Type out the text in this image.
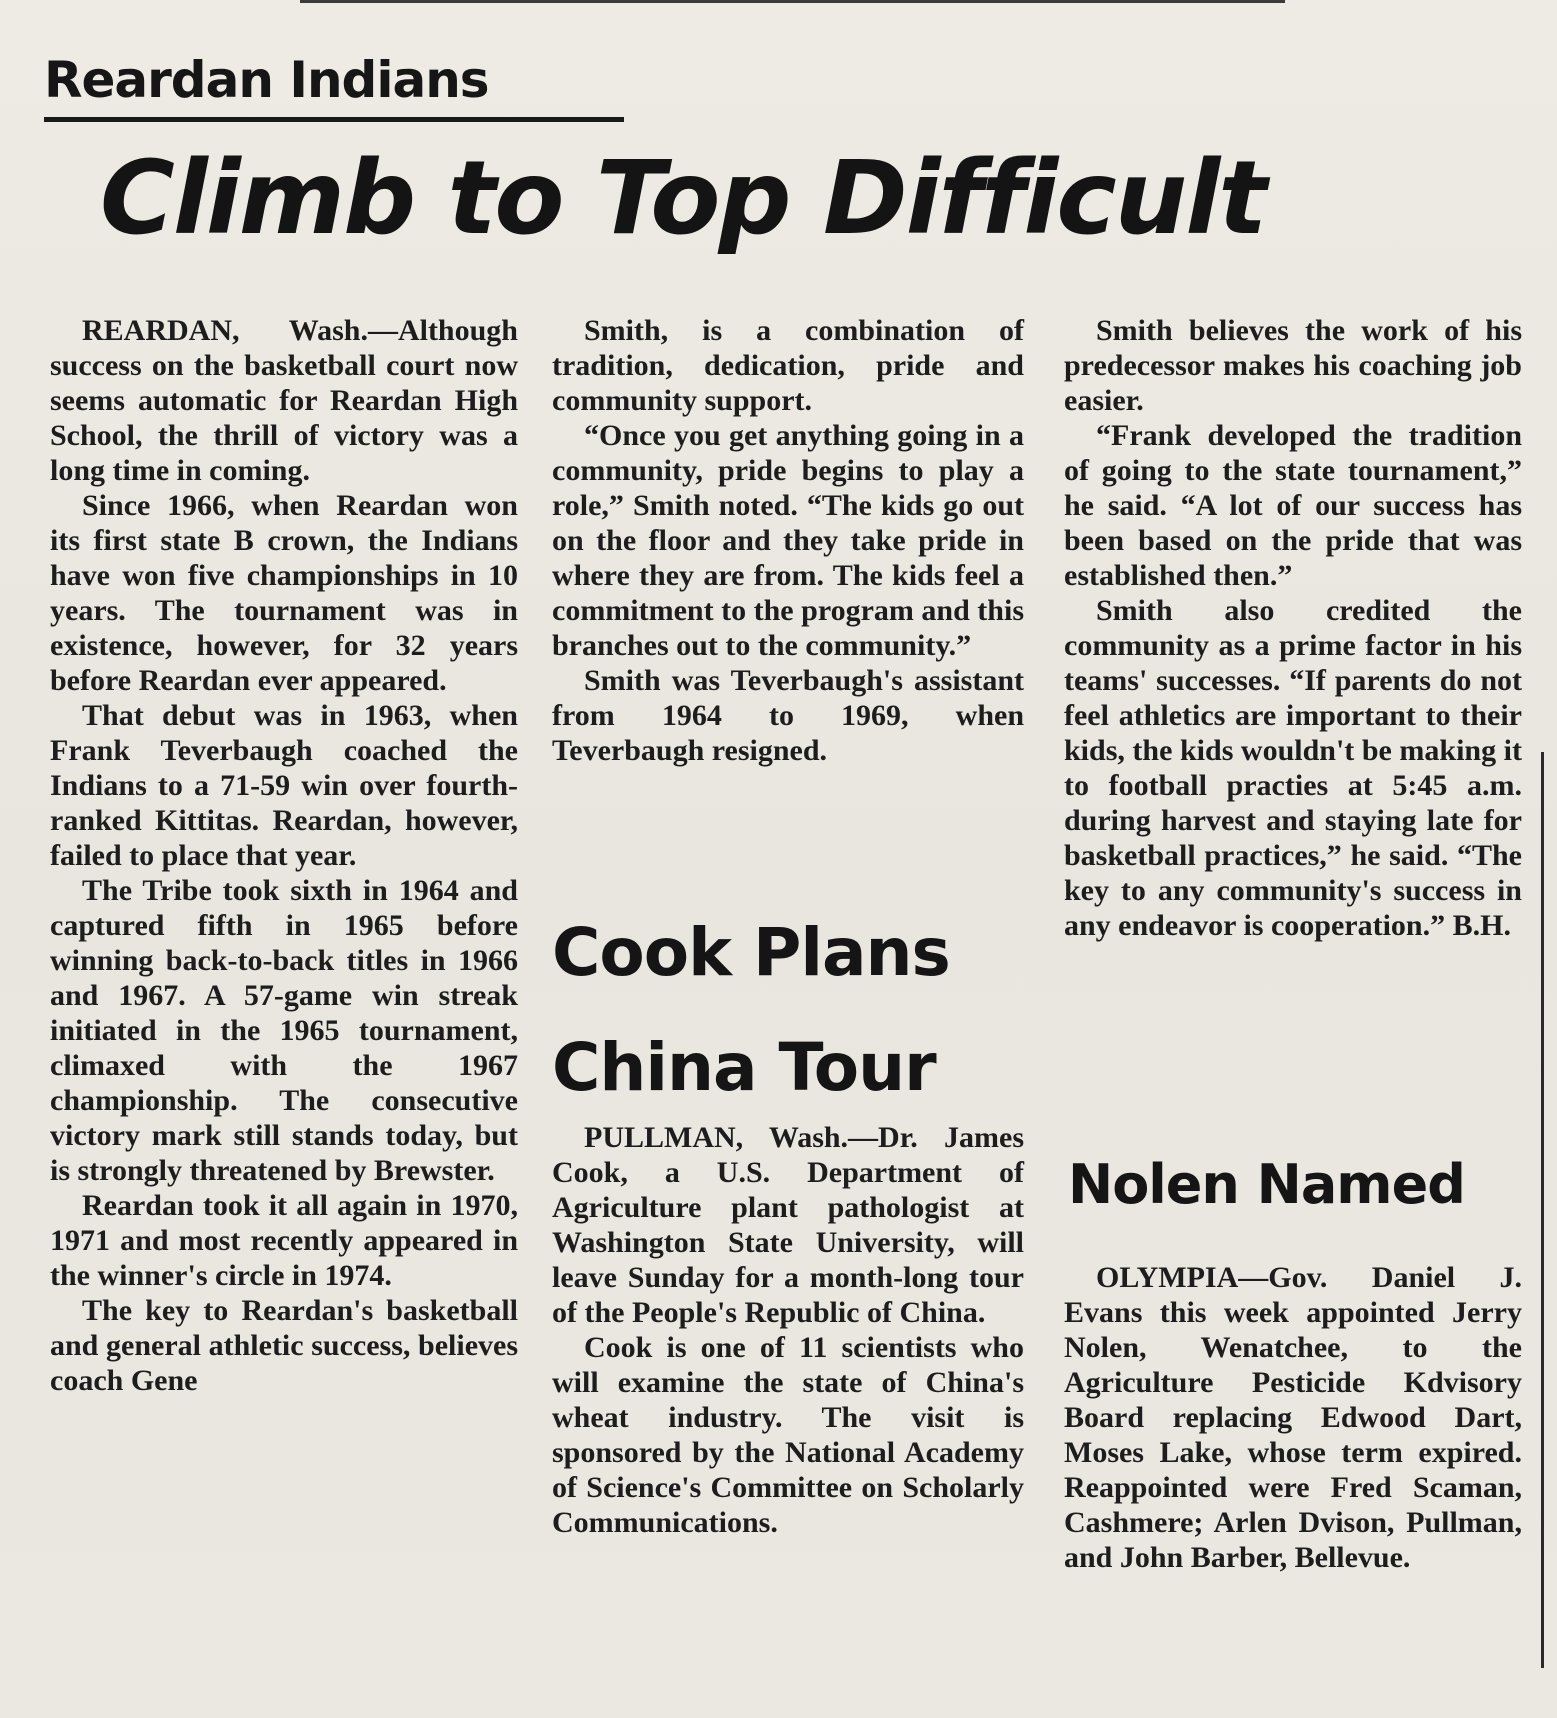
Reardan Indians
Climb to Top Difficult

REARDAN, Wash.—Although success on the basketball court now seems automatic for Reardan High School, the thrill of victory was a long time in coming.

Since 1966, when Reardan won its first state B crown, the Indians have won five championships in 10 years. The tournament was in existence, however, for 32 years before Reardan ever appeared.

That debut was in 1963, when Frank Teverbaugh coached the Indians to a 71-59 win over fourth-ranked Kittitas. Reardan, however, failed to place that year.

The Tribe took sixth in 1964 and captured fifth in 1965 before winning back-to-back titles in 1966 and 1967. A 57-game win streak initiated in the 1965 tournament, climaxed with the 1967 championship. The consecutive victory mark still stands today, but is strongly threatened by Brewster.

Reardan took it all again in 1970, 1971 and most recently appeared in the winner's circle in 1974.

The key to Reardan's basketball and general athletic success, believes coach Gene

Smith, is a combination of tradition, dedication, pride and community support.

“Once you get anything going in a community, pride begins to play a role,” Smith noted. “The kids go out on the floor and they take pride in where they are from. The kids feel a commitment to the program and this branches out to the community.”

Smith was Teverbaugh's assistant from 1964 to 1969, when Teverbaugh resigned.

Smith believes the work of his predecessor makes his coaching job easier.

“Frank developed the tradition of going to the state tournament,” he said. “A lot of our success has been based on the pride that was established then.”

Smith also credited the community as a prime factor in his teams' successes. “If parents do not feel athletics are important to their kids, the kids wouldn't be making it to football practies at 5:45 a.m. during harvest and staying late for basketball practices,” he said. “The key to any community's success in any endeavor is cooperation.” B.H.

Cook Plans
China Tour

PULLMAN, Wash.—Dr. James Cook, a U.S. Department of Agriculture plant pathologist at Washington State University, will leave Sunday for a month-long tour of the People's Republic of China.

Cook is one of 11 scientists who will examine the state of China's wheat industry. The visit is sponsored by the National Academy of Science's Committee on Scholarly Communications.

Nolen Named

OLYMPIA—Gov. Daniel J. Evans this week appointed Jerry Nolen, Wenatchee, to the Agriculture Pesticide Kdvisory Board replacing Edwood Dart, Moses Lake, whose term expired. Reappointed were Fred Scaman, Cashmere; Arlen Dvison, Pullman, and John Barber, Bellevue.
